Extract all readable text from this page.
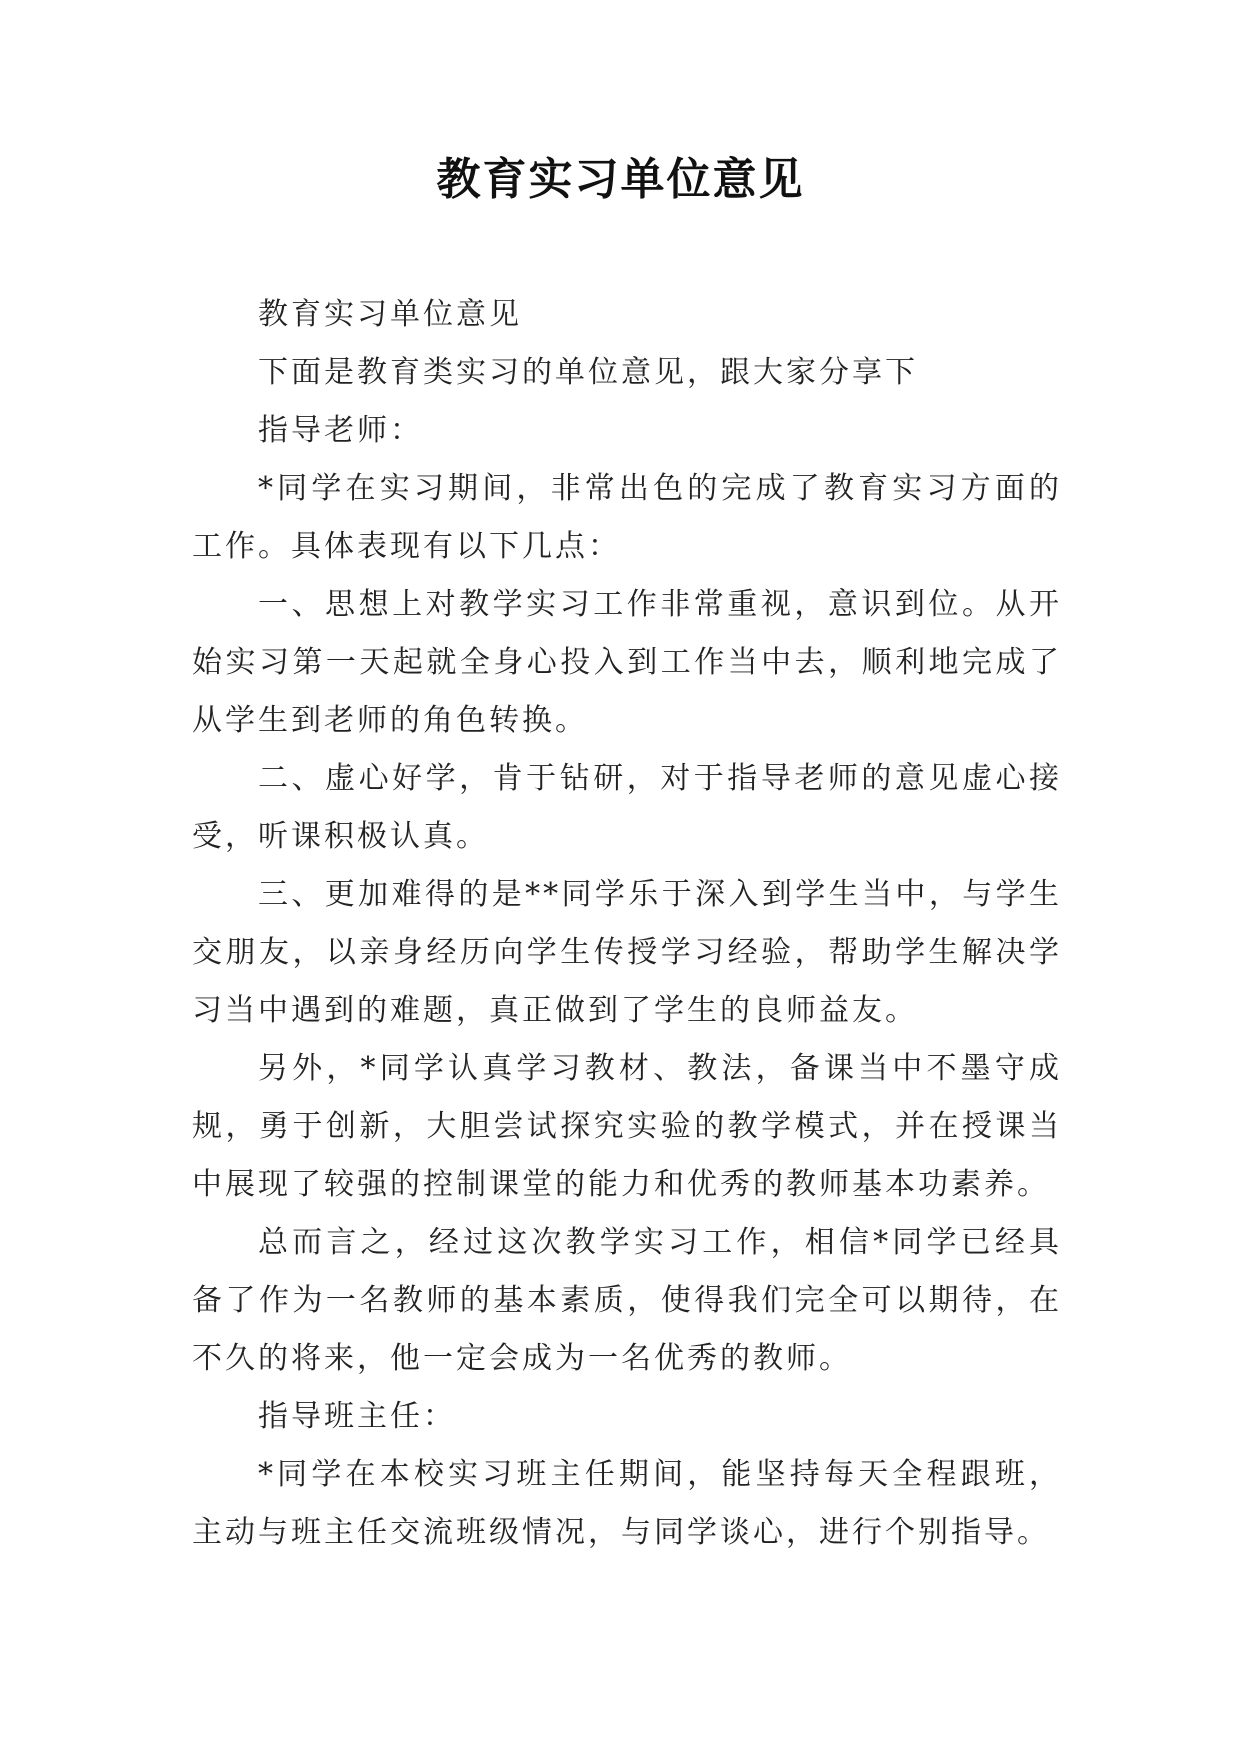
教育实习单位意见

教育实习单位意见

下面是教育类实习的单位意见，跟大家分享下

指导老师：

*同学在实习期间，非常出色的完成了教育实习方面的工作。具体表现有以下几点：

一、思想上对教学实习工作非常重视，意识到位。从开始实习第一天起就全身心投入到工作当中去，顺利地完成了从学生到老师的角色转换。

二、虚心好学，肯于钻研，对于指导老师的意见虚心接受，听课积极认真。

三、更加难得的是**同学乐于深入到学生当中，与学生交朋友，以亲身经历向学生传授学习经验，帮助学生解决学习当中遇到的难题，真正做到了学生的良师益友。

另外，*同学认真学习教材、教法，备课当中不墨守成规，勇于创新，大胆尝试探究实验的教学模式，并在授课当中展现了较强的控制课堂的能力和优秀的教师基本功素养。

总而言之，经过这次教学实习工作，相信*同学已经具备了作为一名教师的基本素质，使得我们完全可以期待，在不久的将来，他一定会成为一名优秀的教师。

指导班主任：

*同学在本校实习班主任期间，能坚持每天全程跟班，主动与班主任交流班级情况，与同学谈心，进行个别指导。
